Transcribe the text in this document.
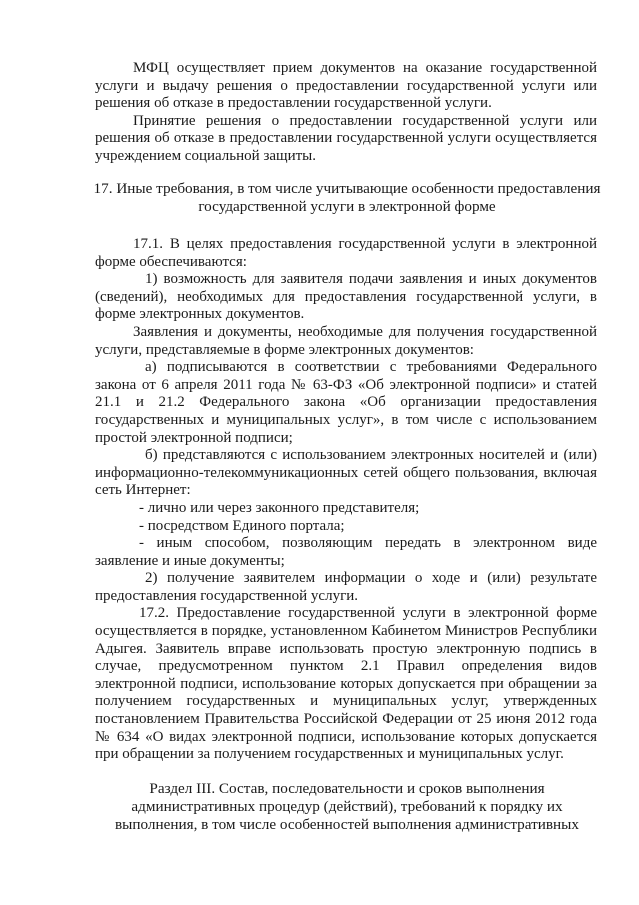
МФЦ осуществляет прием документов на оказание государственной услуги и выдачу решения о предоставлении государственной услуги или решения об отказе в предоставлении государственной услуги.

Принятие решения о предоставлении государственной услуги или решения об отказе в предоставлении государственной услуги осуществляется учреждением социальной защиты.

17. Иные требования, в том числе учитывающие особенности предоставления

государственной услуги в электронной форме

17.1. В целях предоставления государственной услуги в электронной форме обеспечиваются:

1) возможность для заявителя подачи заявления и иных документов (сведений), необходимых для предоставления государственной услуги, в форме электронных документов.

Заявления и документы, необходимые для получения государственной услуги, представляемые в форме электронных документов:

а) подписываются в соответствии с требованиями Федерального закона от 6 апреля 2011 года № 63-ФЗ «Об электронной подписи» и статей 21.1 и 21.2 Федерального закона «Об организации предоставления государственных и муниципальных услуг», в том числе с использованием простой электронной подписи;

б) представляются с использованием электронных носителей и (или) информационно-телекоммуникационных сетей общего пользования, включая сеть Интернет:

- лично или через законного представителя;

- посредством Единого портала;

- иным способом, позволяющим передать в электронном виде заявление и иные документы;

2) получение заявителем информации о ходе и (или) результате предоставления государственной услуги.

17.2. Предоставление государственной услуги в электронной форме осуществляется в порядке, установленном Кабинетом Министров Республики Адыгея. Заявитель вправе использовать простую электронную подпись в случае, предусмотренном пунктом 2.1 Правил определения видов электронной подписи, использование которых допускается при обращении за получением государственных и муниципальных услуг, утвержденных постановлением Правительства Российской Федерации от 25 июня 2012 года № 634 «О видах электронной подписи, использование которых допускается при обращении за получением государственных и муниципальных услуг.

Раздел III. Состав, последовательности и сроков выполнения

административных процедур (действий), требований к порядку их

выполнения, в том числе особенностей выполнения административных
